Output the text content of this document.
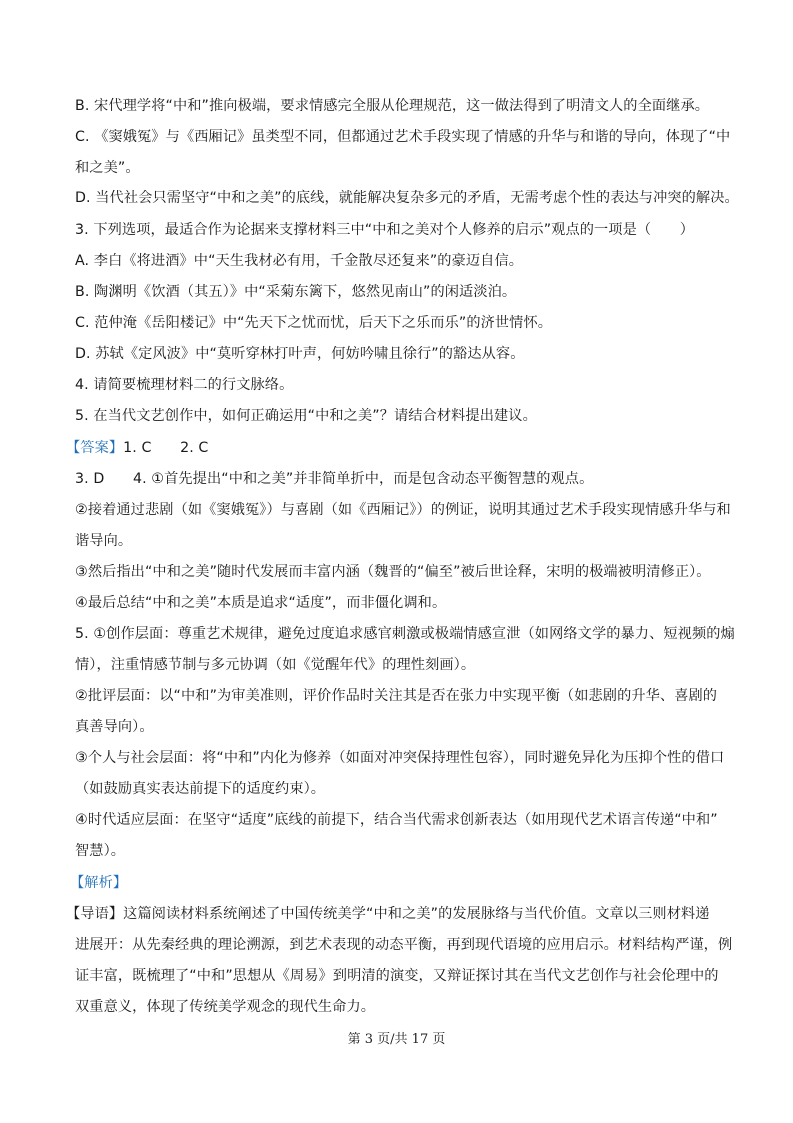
B. 宋代理学将“中和”推向极端，要求情感完全服从伦理规范，这一做法得到了明清文人的全面继承。
C. 《窦娥冤》与《西厢记》虽类型不同，但都通过艺术手段实现了情感的升华与和谐的导向，体现了“中
和之美”。
D. 当代社会只需坚守“中和之美”的底线，就能解决复杂多元的矛盾，无需考虑个性的表达与冲突的解决。
3. 下列选项，最适合作为论据来支撑材料三中“中和之美对个人修养的启示”观点的一项是（　　）
A. 李白《将进酒》中“天生我材必有用，千金散尽还复来”的豪迈自信。
B. 陶渊明《饮酒（其五）》中“采菊东篱下，悠然见南山”的闲适淡泊。
C. 范仲淹《岳阳楼记》中“先天下之忧而忧，后天下之乐而乐”的济世情怀。
D. 苏轼《定风波》中“莫听穿林打叶声，何妨吟啸且徐行”的豁达从容。
4. 请简要梳理材料二的行文脉络。
5. 在当代文艺创作中，如何正确运用“中和之美”？请结合材料提出建议。
【答案】1. C　　2. C
3. D　　4. ①首先提出“中和之美”并非简单折中，而是包含动态平衡智慧的观点。
②接着通过悲剧（如《窦娥冤》）与喜剧（如《西厢记》）的例证，说明其通过艺术手段实现情感升华与和
谐导向。
③然后指出“中和之美”随时代发展而丰富内涵（魏晋的“偏至”被后世诠释，宋明的极端被明清修正）。
④最后总结“中和之美”本质是追求“适度”，而非僵化调和。
5. ①创作层面：尊重艺术规律，避免过度追求感官刺激或极端情感宣泄（如网络文学的暴力、短视频的煽
情），注重情感节制与多元协调（如《觉醒年代》的理性刻画）。
②批评层面：以“中和”为审美准则，评价作品时关注其是否在张力中实现平衡（如悲剧的升华、喜剧的
真善导向）。
③个人与社会层面：将“中和”内化为修养（如面对冲突保持理性包容），同时避免异化为压抑个性的借口
（如鼓励真实表达前提下的适度约束）。
④时代适应层面：在坚守“适度”底线的前提下，结合当代需求创新表达（如用现代艺术语言传递“中和”
智慧）。
【解析】
【导语】这篇阅读材料系统阐述了中国传统美学“中和之美”的发展脉络与当代价值。文章以三则材料递
进展开：从先秦经典的理论溯源，到艺术表现的动态平衡，再到现代语境的应用启示。材料结构严谨，例
证丰富，既梳理了“中和”思想从《周易》到明清的演变，又辩证探讨其在当代文艺创作与社会伦理中的
双重意义，体现了传统美学观念的现代生命力。
第 3 页/共 17 页
